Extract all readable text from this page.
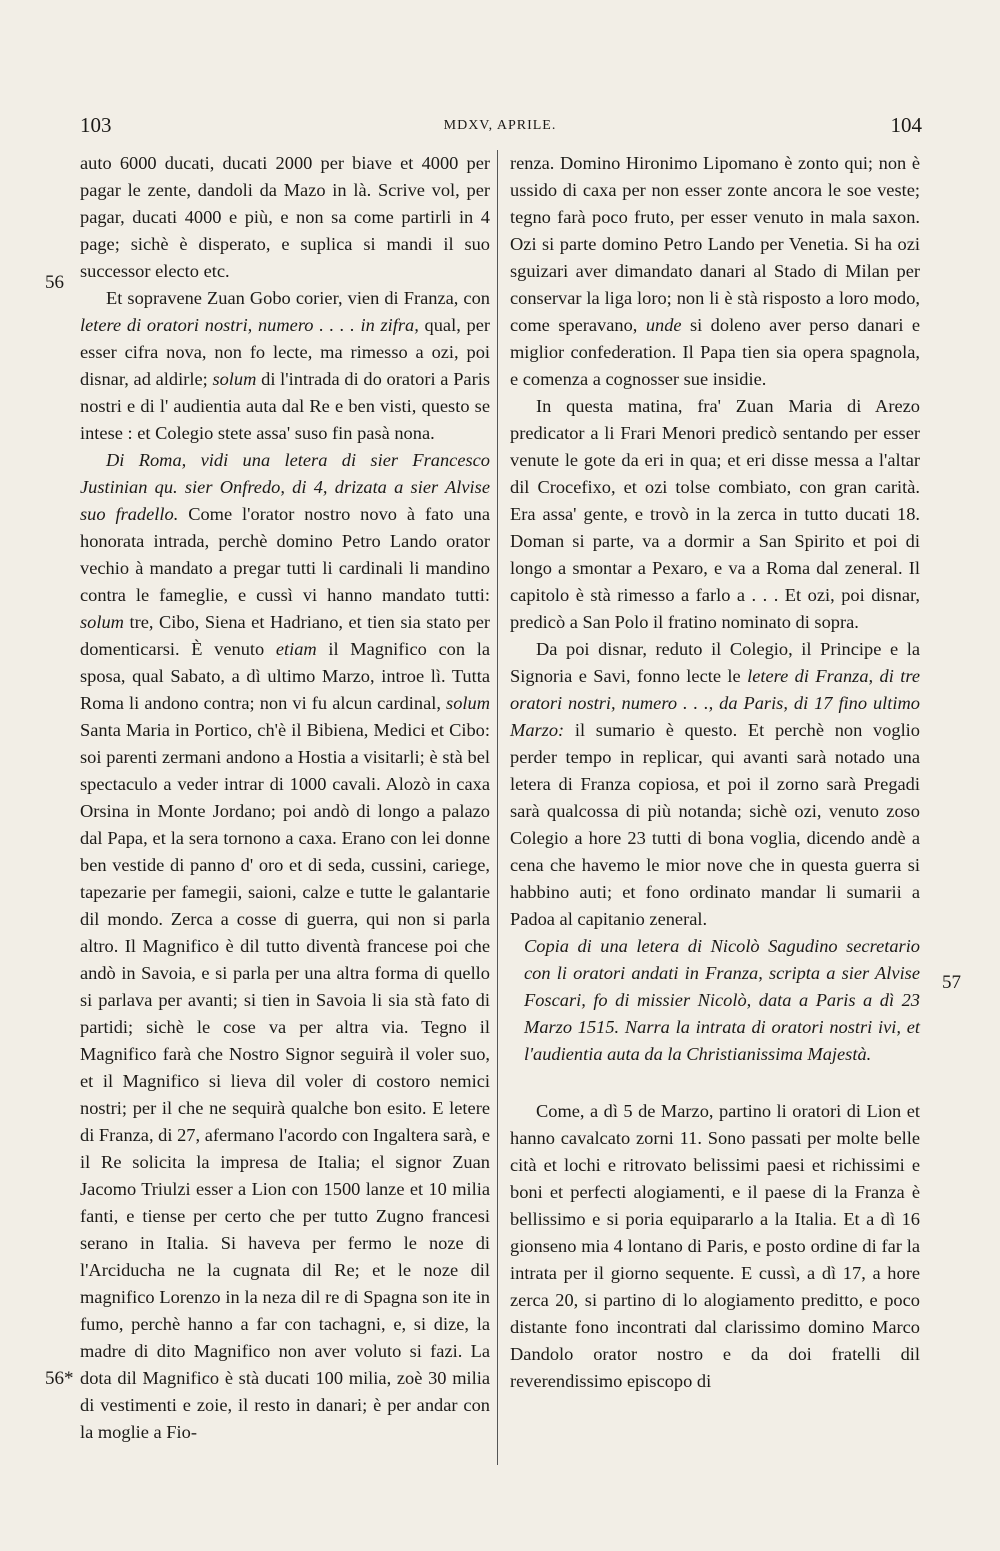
103	MDXV, APRILE.	104
56
57
56*

auto 6000 ducati, ducati 2000 per biave et 4000 per pagar le zente, dandoli da Mazo in là. Scrive vol, per pagar, ducati 4000 e più, e non sa come partirli in 4 page; sichè è disperato, e suplica si mandi il suo successor electo etc.

Et sopravene Zuan Gobo corier, vien di Franza, con letere di oratori nostri, numero . . . . in zifra, qual, per esser cifra nova, non fo lecte, ma rimesso a ozi, poi disnar, ad aldirle; solum di l'intrada di do oratori a Paris nostri e di l' audientia auta dal Re e ben visti, questo se intese : et Colegio stete assa' suso fin pasà nona.

Di Roma, vidi una letera di sier Francesco Justinian qu. sier Onfredo, di 4, drizata a sier Alvise suo fradello. Come l'orator nostro novo à fato una honorata intrada, perchè domino Petro Lando orator vechio à mandato a pregar tutti li cardinali li mandino contra le fameglie, e cussì vi hanno mandato tutti: solum tre, Cibo, Siena et Hadriano, et tien sia stato per domenticarsi. È venuto etiam il Magnifico con la sposa, qual Sabato, a dì ultimo Marzo, introe lì. Tutta Roma li andono contra; non vi fu alcun cardinal, solum Santa Maria in Portico, ch'è il Bibiena, Medici et Cibo: soi parenti zermani andono a Hostia a visitarli; è stà bel spectaculo a veder intrar di 1000 cavali. Alozò in caxa Orsina in Monte Jordano; poi andò di longo a palazo dal Papa, et la sera tornono a caxa. Erano con lei donne ben vestide di panno d' oro et di seda, cussini, cariege, tapezarie per famegii, saioni, calze e tutte le galantarie dil mondo. Zerca a cosse di guerra, qui non si parla altro. Il Magnifico è dil tutto diventà francese poi che andò in Savoia, e si parla per una altra forma di quello si parlava per avanti; si tien in Savoia li sia stà fato di partidi; sichè le cose va per altra via. Tegno il Magnifico farà che Nostro Signor seguirà il voler suo, et il Magnifico si lieva dil voler di costoro nemici nostri; per il che ne sequirà qualche bon esito. E letere di Franza, di 27, afermano l'acordo con Ingaltera sarà, e il Re solicita la impresa de Italia; el signor Zuan Jacomo Triulzi esser a Lion con 1500 lanze et 10 milia fanti, e tiense per certo che per tutto Zugno francesi serano in Italia. Si haveva per fermo le noze di l'Arciducha ne la cugnata dil Re; et le noze dil magnifico Lorenzo in la neza dil re di Spagna son ite in fumo, perchè hanno a far con tachagni, e, si dize, la madre di dito Magnifico non aver voluto si fazi. La dota dil Magnifico è stà ducati 100 milia, zoè 30 milia di vestimenti e zoie, il resto in danari; è per andar con la moglie a Fio-

renza. Domino Hironimo Lipomano è zonto qui; non è ussido di caxa per non esser zonte ancora le soe veste; tegno farà poco fruto, per esser venuto in mala saxon. Ozi si parte domino Petro Lando per Venetia. Si ha ozi sguizari aver dimandato danari al Stado di Milan per conservar la liga loro; non li è stà risposto a loro modo, come speravano, unde si doleno aver perso danari e miglior confederation. Il Papa tien sia opera spagnola, e comenza a cognosser sue insidie.

In questa matina, fra' Zuan Maria di Arezo predicator a li Frari Menori predicò sentando per esser venute le gote da eri in qua; et eri disse messa a l'altar dil Crocefixo, et ozi tolse combiato, con gran carità. Era assa' gente, e trovò in la zerca in tutto ducati 18. Doman si parte, va a dormir a San Spirito et poi di longo a smontar a Pexaro, e va a Roma dal zeneral. Il capitolo è stà rimesso a farlo a . . . Et ozi, poi disnar, predicò a San Polo il fratino nominato di sopra.

Da poi disnar, reduto il Colegio, il Principe e la Signoria e Savi, fonno lecte le letere di Franza, di tre oratori nostri, numero . . ., da Paris, di 17 fino ultimo Marzo: il sumario è questo. Et perchè non voglio perder tempo in replicar, qui avanti sarà notado una letera di Franza copiosa, et poi il zorno sarà Pregadi sarà qualcossa di più notanda; sichè ozi, venuto zoso Colegio a hore 23 tutti di bona voglia, dicendo andè a cena che havemo le mior nove che in questa guerra si habbino auti; et fono ordinato mandar li sumarii a Padoa al capitanio zeneral.

Copia di una letera di Nicolò Sagudino secretario con li oratori andati in Franza, scripta a sier Alvise Foscari, fo di missier Nicolò, data a Paris a dì 23 Marzo 1515. Narra la intrata di oratori nostri ivi, et l'audientia auta da la Christianissima Majestà.

Come, a dì 5 de Marzo, partino li oratori di Lion et hanno cavalcato zorni 11. Sono passati per molte belle cità et lochi e ritrovato belissimi paesi et richissimi e boni et perfecti alogiamenti, e il paese di la Franza è bellissimo e si poria equipararlo a la Italia. Et a dì 16 gionseno mia 4 lontano di Paris, e posto ordine di far la intrata per il giorno sequente. E cussì, a dì 17, a hore zerca 20, si partino di lo alogiamento preditto, e poco distante fono incontrati dal clarissimo domino Marco Dandolo orator nostro e da doi fratelli dil reverendissimo episcopo di
